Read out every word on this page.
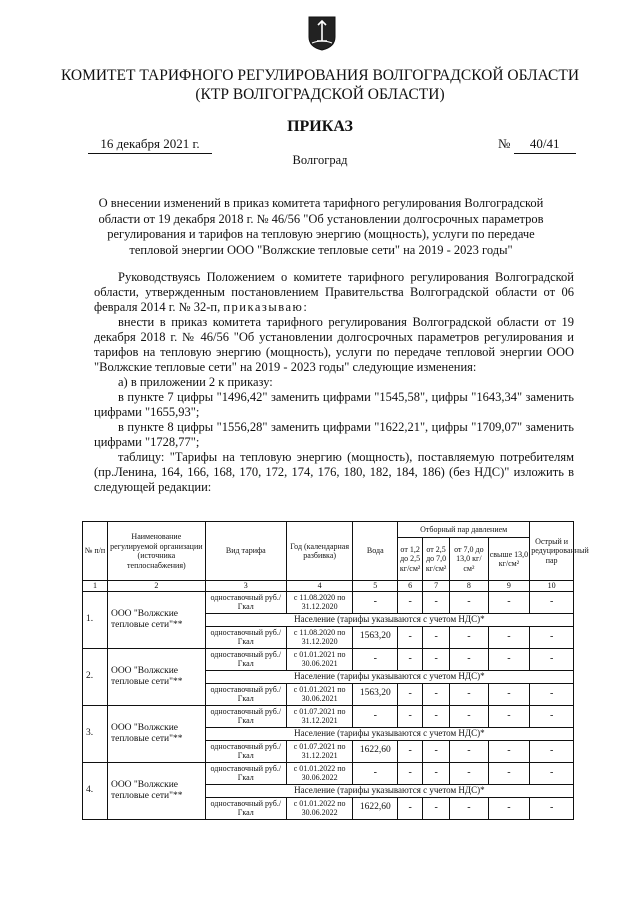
КОМИТЕТ ТАРИФНОГО РЕГУЛИРОВАНИЯ ВОЛГОГРАДСКОЙ ОБЛАСТИ
(КТР ВОЛГОГРАДСКОЙ ОБЛАСТИ)
ПРИКАЗ
16 декабря 2021 г.	№ 40/41
Волгоград
О внесении изменений в приказ комитета тарифного регулирования Волгоградской области от 19 декабря 2018 г. № 46/56 "Об установлении долгосрочных параметров регулирования и тарифов на тепловую энергию (мощность), услуги по передаче тепловой энергии ООО "Волжские тепловые сети" на 2019 - 2023 годы"

Руководствуясь Положением о комитете тарифного регулирования Волгоградской области, утвержденным постановлением Правительства Волгоградской области от 06 февраля 2014 г. № 32-п, приказываю:

внести в приказ комитета тарифного регулирования Волгоградской области от 19 декабря 2018 г. № 46/56 "Об установлении долгосрочных параметров регулирования и тарифов на тепловую энергию (мощность), услуги по передаче тепловой энергии ООО "Волжские тепловые сети" на 2019 - 2023 годы" следующие изменения:

а) в приложении 2 к приказу:

в пункте 7 цифры "1496,42" заменить цифрами "1545,58", цифры "1643,34" заменить цифрами "1655,93";

в пункте 8 цифры "1556,28" заменить цифрами "1622,21", цифры "1709,07" заменить цифрами "1728,77";

таблицу: "Тарифы на тепловую энергию (мощность), поставляемую потребителям (пр.Ленина, 164, 166, 168, 170, 172, 174, 176, 180, 182, 184, 186) (без НДС)" изложить в следующей редакции:

№ п/п	Наименование регулируемой организации (источника теплоснабжения)	Вид тарифа	Год (календарная разбивка)	Вода	Отборный пар давлением				Острый и редуцированный пар
					от 1,2 до 2,5 кг/см²	от 2,5 до 7,0 кг/см²	от 7,0 до 13,0 кг/см²	свыше 13,0 кг/см²	
1	2	3	4	5	6	7	8	9	10
1.	ООО "Волжские тепловые сети"**	одноставочный руб./Гкал	с 11.08.2020 по 31.12.2020	-	-	-	-	-	-
		Население (тарифы указываются с учетом НДС)*							
		одноставочный руб./Гкал	с 11.08.2020 по 31.12.2020	1563,20	-	-	-	-	-
2.	ООО "Волжские тепловые сети"**	одноставочный руб./Гкал	с 01.01.2021 по 30.06.2021	-	-	-	-	-	-
		Население (тарифы указываются с учетом НДС)*							
		одноставочный руб./Гкал	с 01.01.2021 по 30.06.2021	1563,20	-	-	-	-	-
3.	ООО "Волжские тепловые сети"**	одноставочный руб./Гкал	с 01.07.2021 по 31.12.2021	-	-	-	-	-	-
		Население (тарифы указываются с учетом НДС)*							
		одноставочный руб./Гкал	с 01.07.2021 по 31.12.2021	1622,60	-	-	-	-	-
4.	ООО "Волжские тепловые сети"**	одноставочный руб./Гкал	с 01.01.2022 по 30.06.2022	-	-	-	-	-	-
		Население (тарифы указываются с учетом НДС)*							
		одноставочный руб./Гкал	с 01.01.2022 по 30.06.2022	1622,60	-	-	-	-	-
